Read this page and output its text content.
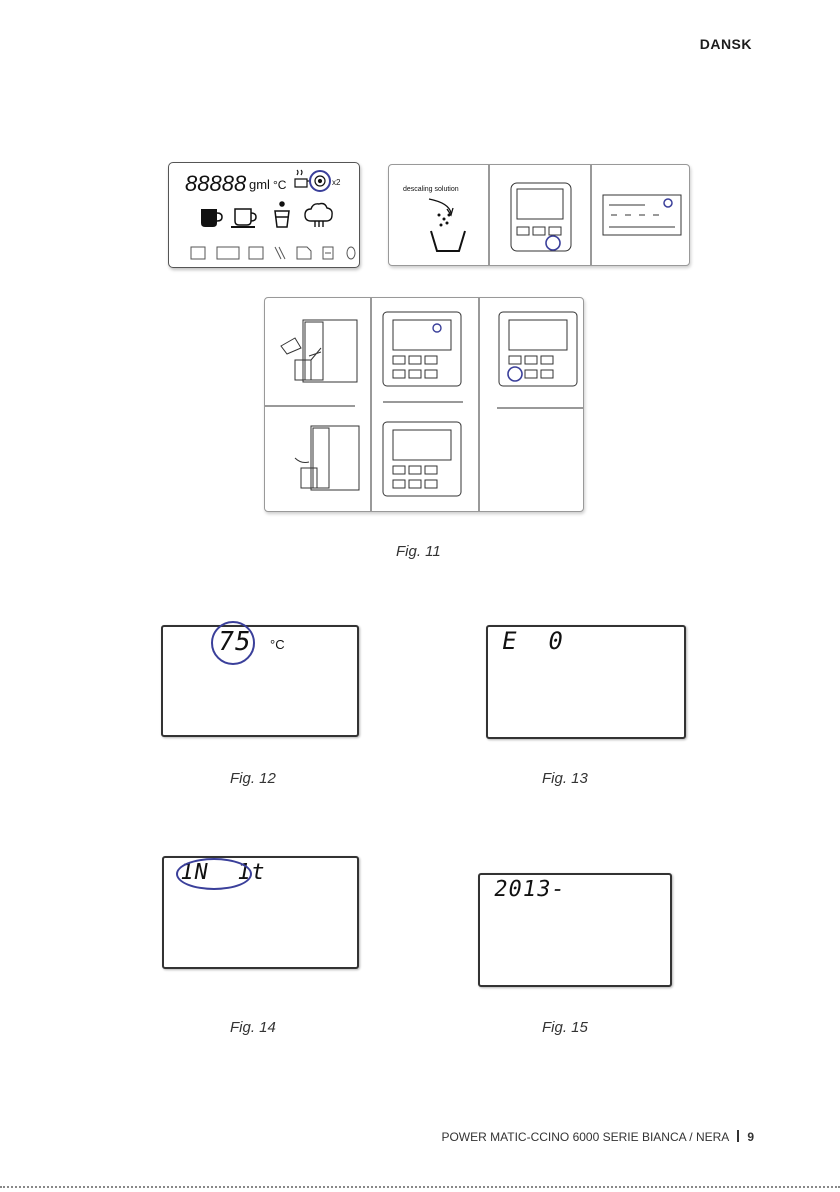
DANSK
88888 gml °C	x2
descaling solution
Fig. 11
75 °C
Fig. 12
E  0
Fig. 13
1N  1t
Fig. 14
2013-
Fig. 15
POWER MATIC-CCINO 6000 SERIE BIANCA / NERA 9
